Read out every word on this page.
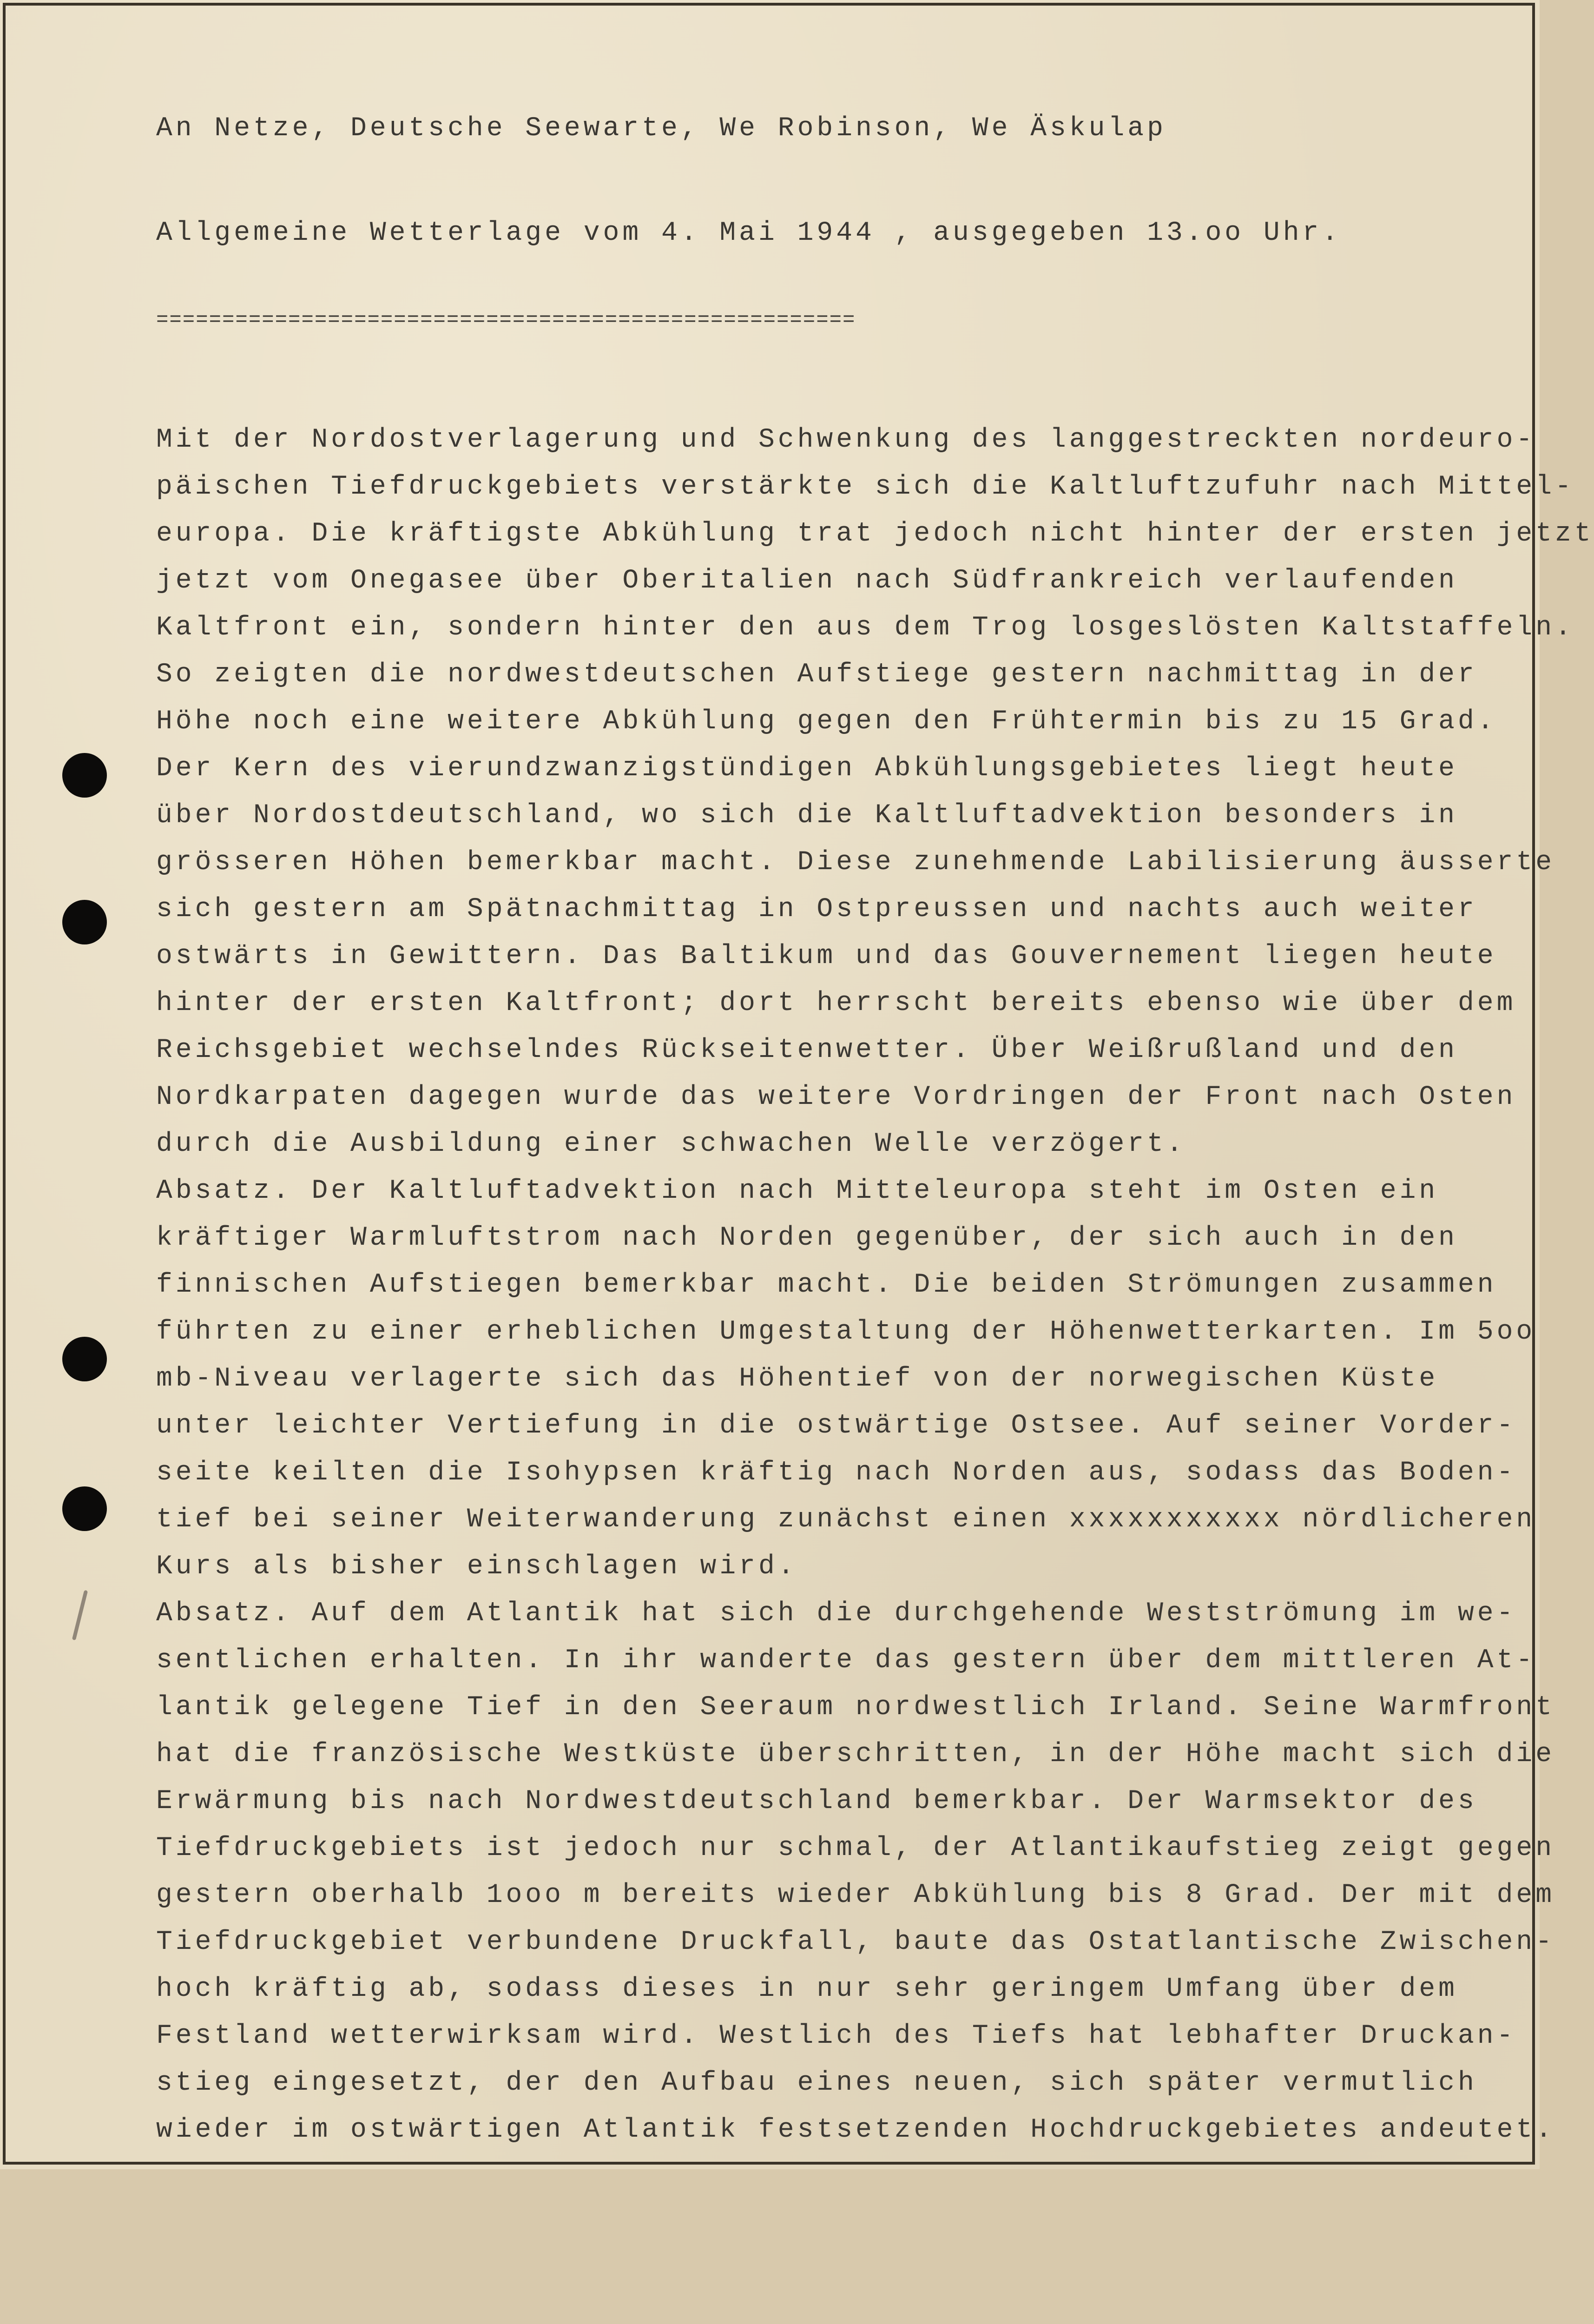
An Netze, Deutsche Seewarte, We Robinson, We Äskulap

Allgemeine Wetterlage vom 4. Mai 1944 , ausgegeben 13.oo Uhr.

=====================================================

Mit der Nordostverlagerung und Schwenkung des langgestreckten nordeuro-
päischen Tiefdruckgebiets verstärkte sich die Kaltluftzufuhr nach Mittel-
europa. Die kräftigste Abkühlung trat jedoch nicht hinter der ersten jetzt
jetzt vom Onegasee über Oberitalien nach Südfrankreich verlaufenden
Kaltfront ein, sondern hinter den aus dem Trog losgeslösten Kaltstaffeln.
So zeigten die nordwestdeutschen Aufstiege gestern nachmittag in der
Höhe noch eine weitere Abkühlung gegen den Frühtermin bis zu 15 Grad.
Der Kern des vierundzwanzigstündigen Abkühlungsgebietes liegt heute
über Nordostdeutschland, wo sich die Kaltluftadvektion besonders in
grösseren Höhen bemerkbar macht. Diese zunehmende Labilisierung äusserte
sich gestern am Spätnachmittag in Ostpreussen und nachts auch weiter
ostwärts in Gewittern. Das Baltikum und das Gouvernement liegen heute
hinter der ersten Kaltfront; dort herrscht bereits ebenso wie über dem
Reichsgebiet wechselndes Rückseitenwetter. Über Weißrußland und den
Nordkarpaten dagegen wurde das weitere Vordringen der Front nach Osten
durch die Ausbildung einer schwachen Welle verzögert.
Absatz. Der Kaltluftadvektion nach Mitteleuropa steht im Osten ein
kräftiger Warmluftstrom nach Norden gegenüber, der sich auch in den
finnischen Aufstiegen bemerkbar macht. Die beiden Strömungen zusammen
führten zu einer erheblichen Umgestaltung der Höhenwetterkarten. Im 5oo
mb-Niveau verlagerte sich das Höhentief von der norwegischen Küste
unter leichter Vertiefung in die ostwärtige Ostsee. Auf seiner Vorder-
seite keilten die Isohypsen kräftig nach Norden aus, sodass das Boden-
tief bei seiner Weiterwanderung zunächst einen xxxxxxxxxxx nördlicheren
Kurs als bisher einschlagen wird.
Absatz. Auf dem Atlantik hat sich die durchgehende Westströmung im we-
sentlichen erhalten. In ihr wanderte das gestern über dem mittleren At-
lantik gelegene Tief in den Seeraum nordwestlich Irland. Seine Warmfront
hat die französische Westküste überschritten, in der Höhe macht sich die
Erwärmung bis nach Nordwestdeutschland bemerkbar. Der Warmsektor des
Tiefdruckgebiets ist jedoch nur schmal, der Atlantikaufstieg zeigt gegen
gestern oberhalb 1ooo m bereits wieder Abkühlung bis 8 Grad. Der mit dem
Tiefdruckgebiet verbundene Druckfall, baute das Ostatlantische Zwischen-
hoch kräftig ab, sodass dieses in nur sehr geringem Umfang über dem
Festland wetterwirksam wird. Westlich des Tiefs hat lebhafter Druckan-
stieg eingesetzt, der den Aufbau eines neuen, sich später vermutlich
wieder im ostwärtigen Atlantik festsetzenden Hochdruckgebietes andeutet.
